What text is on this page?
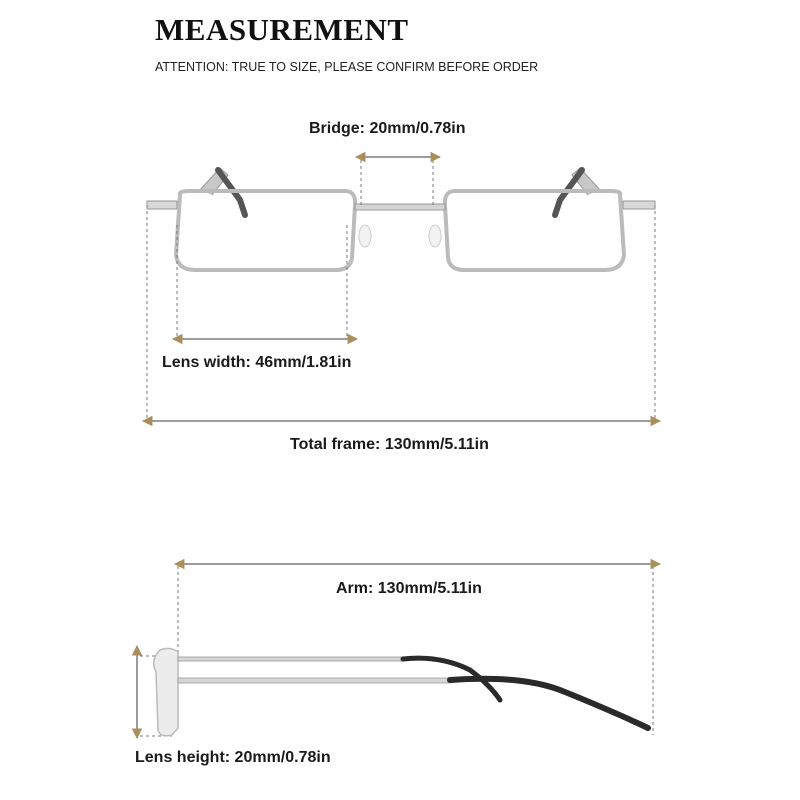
MEASUREMENT
ATTENTION: TRUE TO SIZE, PLEASE CONFIRM BEFORE ORDER
Bridge: 20mm/0.78in
Lens width: 46mm/1.81in
Total frame: 130mm/5.11in
Arm: 130mm/5.11in
Lens height: 20mm/0.78in
